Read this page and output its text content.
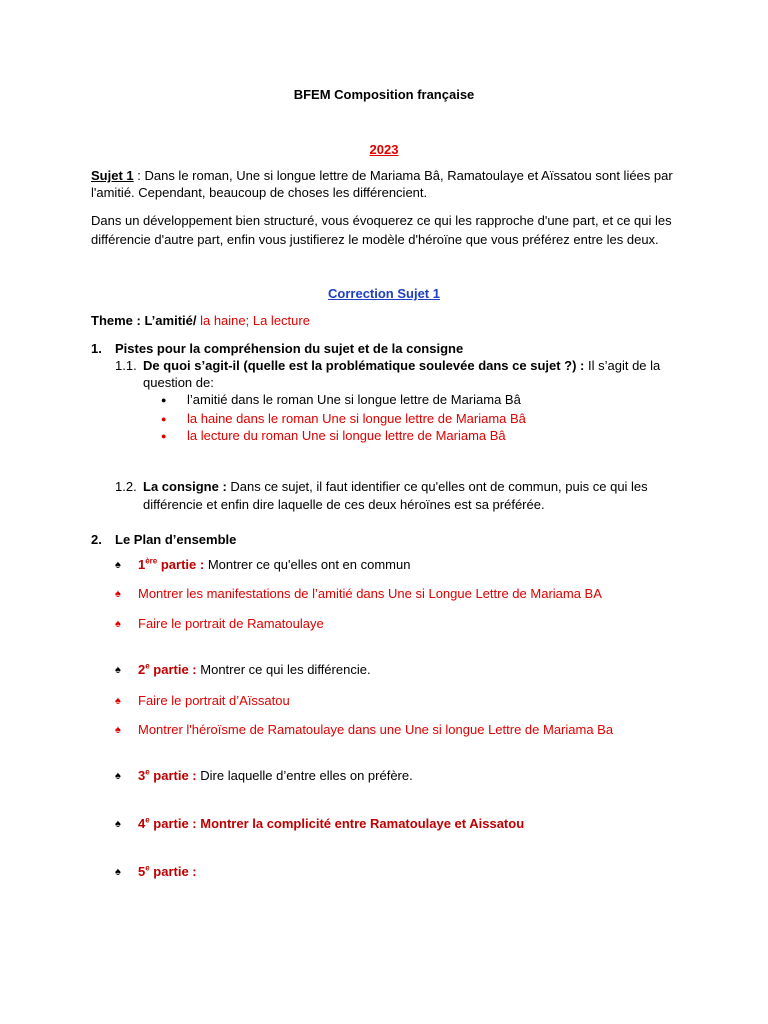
BFEM Composition française
2023
Sujet 1 : Dans le roman, Une si longue lettre de Mariama Bâ, Ramatoulaye et Aïssatou sont liées par
l'amitié. Cependant, beaucoup de choses les différencient.
Dans un développement bien structuré, vous évoquerez ce qui les rapproche d'une part, et ce qui les
différencie d'autre part, enfin vous justifierez le modèle d'héroïne que vous préférez entre les deux.
Correction Sujet 1
Theme : L’amitié/ la haine; La lecture
1. Pistes pour la compréhension du sujet et de la consigne
1.1. De quoi s’agit-il (quelle est la problématique soulevée dans ce sujet ?) : Il s’agit de la
question de:
● l’amitié dans le roman Une si longue lettre de Mariama Bâ
● la haine dans le roman Une si longue lettre de Mariama Bâ
● la lecture du roman Une si longue lettre de Mariama Bâ
1.2. La consigne : Dans ce sujet, il faut identifier ce qu'elles ont de commun, puis ce qui les
différencie et enfin dire laquelle de ces deux héroïnes est sa préférée.
2. Le Plan d’ensemble
♠ 1ère partie : Montrer ce qu'elles ont en commun
♠ Montrer les manifestations de l’amitié dans Une si Longue Lettre de Mariama BA
♠ Faire le portrait de Ramatoulaye
♠ 2e partie : Montrer ce qui les différencie.
♠ Faire le portrait d’Aïssatou
♠ Montrer l'héroïsme de Ramatoulaye dans une Une si longue Lettre de Mariama Ba
♠ 3e partie : Dire laquelle d’entre elles on préfère.
♠ 4e partie : Montrer la complicité entre Ramatoulaye et Aissatou
♠ 5e partie :
